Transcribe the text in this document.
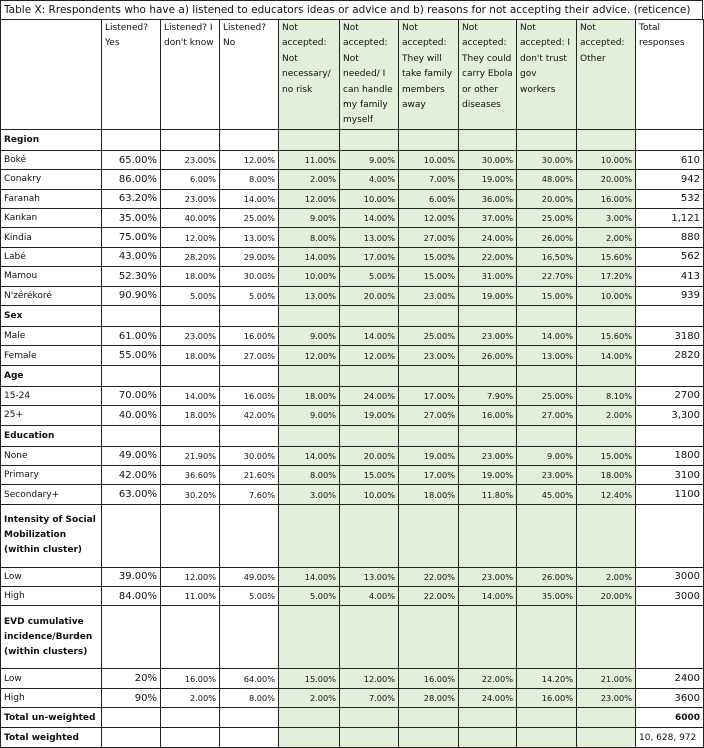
Table X: Rrespondents who have a) listened to educators ideas or advice and b) reasons for not accepting their advice. (reticence)
	Listened? Yes	Listened? I don't know	Listened? No	Not accepted: Not necessary/ no risk	Not accepted: Not needed/ I can handle my family myself	Not accepted: They will take family members away	Not accepted: They could carry Ebola or other diseases	Not accepted: I don't trust gov workers	Not accepted: Other	Total responses
Region										
Boké	65.00%	23.00%	12.00%	11.00%	9.00%	10.00%	30.00%	30.00%	10.00%	610
Conakry	86.00%	6.00%	8.00%	2.00%	4.00%	7.00%	19.00%	48.00%	20.00%	942
Faranah	63.20%	23.00%	14.00%	12.00%	10.00%	6.00%	36.00%	20.00%	16.00%	532
Kankan	35.00%	40.00%	25.00%	9.00%	14.00%	12.00%	37.00%	25.00%	3.00%	1,121
Kindia	75.00%	12.00%	13.00%	8.00%	13.00%	27.00%	24.00%	26.00%	2.00%	880
Labé	43.00%	28.20%	29.00%	14.00%	17.00%	15.00%	22.00%	16.50%	15.60%	562
Mamou	52.30%	18.00%	30.00%	10.00%	5.00%	15.00%	31.00%	22.70%	17.20%	413
N'zérékoré	90.90%	5.00%	5.00%	13.00%	20.00%	23.00%	19.00%	15.00%	10.00%	939
Sex										
Male	61.00%	23.00%	16.00%	9.00%	14.00%	25.00%	23.00%	14.00%	15.60%	3180
Female	55.00%	18.00%	27.00%	12.00%	12.00%	23.00%	26.00%	13.00%	14.00%	2820
Age										
15-24	70.00%	14.00%	16.00%	18.00%	24.00%	17.00%	7.90%	25.00%	8.10%	2700
25+	40.00%	18.00%	42.00%	9.00%	19.00%	27.00%	16.00%	27.00%	2.00%	3,300
Education										
None	49.00%	21.90%	30.00%	14.00%	20.00%	19.00%	23.00%	9.00%	15.00%	1800
Primary	42.00%	36.60%	21.60%	8.00%	15.00%	17.00%	19.00%	23.00%	18.00%	3100
Secondary+	63.00%	30.20%	7.60%	3.00%	10.00%	18.00%	11.80%	45.00%	12.40%	1100
Intensity of Social Mobilization (within cluster)										
Low	39.00%	12.00%	49.00%	14.00%	13.00%	22.00%	23.00%	26.00%	2.00%	3000
High	84.00%	11.00%	5.00%	5.00%	4.00%	22.00%	14.00%	35.00%	20.00%	3000
EVD cumulative incidence/Burden (within clusters)										
Low	20%	16.00%	64.00%	15.00%	12.00%	16.00%	22.00%	14.20%	21.00%	2400
High	90%	2.00%	8.00%	2.00%	7.00%	28.00%	24.00%	16.00%	23.00%	3600
Total un-weighted										6000
Total weighted										10, 628, 972
